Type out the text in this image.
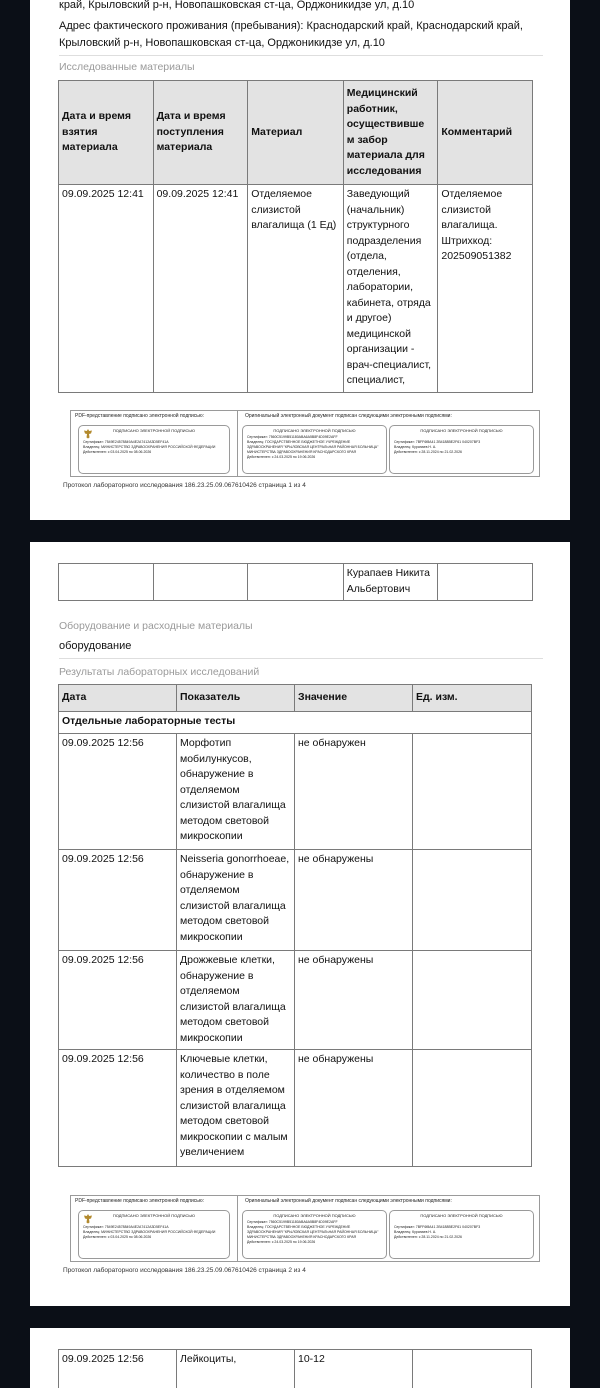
край, Крыловский р-н, Новопашковская ст-ца, Орджоникидзе ул, д.10
Адрес фактического проживания (пребывания): Краснодарский край, Краснодарский край,
Крыловский р-н, Новопашковская ст-ца, Орджоникидзе ул, д.10
Исследованные материалы
Дата и время взятия материала	Дата и время поступления материала	Материал	Медицинский работник, осуществивше м забор материала для исследования	Комментарий
09.09.2025 12:41	09.09.2025 12:41	Отделяемое слизистой влагалища (1 Ед)	Заведующий (начальник) структурного подразделения (отдела, отделения, лаборатории, кабинета, отряда и другое) медицинской организации - врач-специалист, специалист,	Отделяемое слизистой влагалища. Штрихкод: 202509051382
PDF-представление подписано электронной подписью:	Оригинальный электронный документ подписан следующими электронными подписями:
ПОДПИСАНО ЭЛЕКТРОННОЙ ПОДПИСЬЮ
Сертификат: 7549E24578849A4E2A7412A3D5EF41A
Владелец: МИНИСТЕРСТВО ЗДРАВООХРАНЕНИЯ РОССИЙСКОЙ ФЕДЕРАЦИИ
Действителен: с 03.04.2025 по 08.06.2026
ПОДПИСАНО ЭЛЕКТРОННОЙ ПОДПИСЬЮ
Сертификат: 7560C5199B51180ABA6A5B8F4D09E2AFF
Владелец: ГОСУДАРСТВЕННОЕ БЮДЖЕТНОЕ УЧРЕЖДЕНИЕ ЗДРАВООХРАНЕНИЯ "КРЫЛОВСКАЯ ЦЕНТРАЛЬНАЯ РАЙОННАЯ БОЛЬНИЦА" МИНИСТЕРСТВА ЗДРАВООХРАНЕНИЯ КРАСНОДАРСКОГО КРАЯ
Действителен: с 24.03.2025 по 19.06.2026
ПОДПИСАНО ЭЛЕКТРОННОЙ ПОДПИСЬЮ
Сертификат: 7BFF6f8A41 2B4188BE2F61 040207BF3
Владелец: Курапаев Н. А.
Действителен: с 28.11.2024 по 21.02.2026
Протокол лабораторного исследования 186.23.25.09.067610426 страница 1 из 4
			Курапаев Никита Альбертович	
Оборудование и расходные материалы
оборудование
Результаты лабораторных исследований
Дата	Показатель	Значение	Ед. изм.
Отдельные лабораторные тесты			
09.09.2025 12:56	Морфотип мобилункусов, обнаружение в отделяемом слизистой влагалища методом световой микроскопии	не обнаружен	
09.09.2025 12:56	Neisseria gonorrhoeae, обнаружение в отделяемом слизистой влагалища методом световой микроскопии	не обнаружены	
09.09.2025 12:56	Дрожжевые клетки, обнаружение в отделяемом слизистой влагалища методом световой микроскопии	не обнаружены	
09.09.2025 12:56	Ключевые клетки, количество в поле зрения в отделяемом слизистой влагалища методом световой микроскопии с малым увеличением	не обнаружены	
PDF-представление подписано электронной подписью:	Оригинальный электронный документ подписан следующими электронными подписями:
ПОДПИСАНО ЭЛЕКТРОННОЙ ПОДПИСЬЮ
Сертификат: 7549E24578849A4E2A7412A3D5EF41A
Владелец: МИНИСТЕРСТВО ЗДРАВООХРАНЕНИЯ РОССИЙСКОЙ ФЕДЕРАЦИИ
Действителен: с 03.04.2025 по 08.06.2026
ПОДПИСАНО ЭЛЕКТРОННОЙ ПОДПИСЬЮ
Сертификат: 7560C5199B51180ABA6A5B8F4D09E2AFF
Владелец: ГОСУДАРСТВЕННОЕ БЮДЖЕТНОЕ УЧРЕЖДЕНИЕ ЗДРАВООХРАНЕНИЯ "КРЫЛОВСКАЯ ЦЕНТРАЛЬНАЯ РАЙОННАЯ БОЛЬНИЦА" МИНИСТЕРСТВА ЗДРАВООХРАНЕНИЯ КРАСНОДАРСКОГО КРАЯ
Действителен: с 24.03.2025 по 19.06.2026
ПОДПИСАНО ЭЛЕКТРОННОЙ ПОДПИСЬЮ
Сертификат: 7BFF6f8A41 2B4188BE2F61 040207BF3
Владелец: Курапаев Н. А.
Действителен: с 28.11.2024 по 21.02.2026
Протокол лабораторного исследования 186.23.25.09.067610426 страница 2 из 4
09.09.2025 12:56	Лейкоциты,	10-12	
